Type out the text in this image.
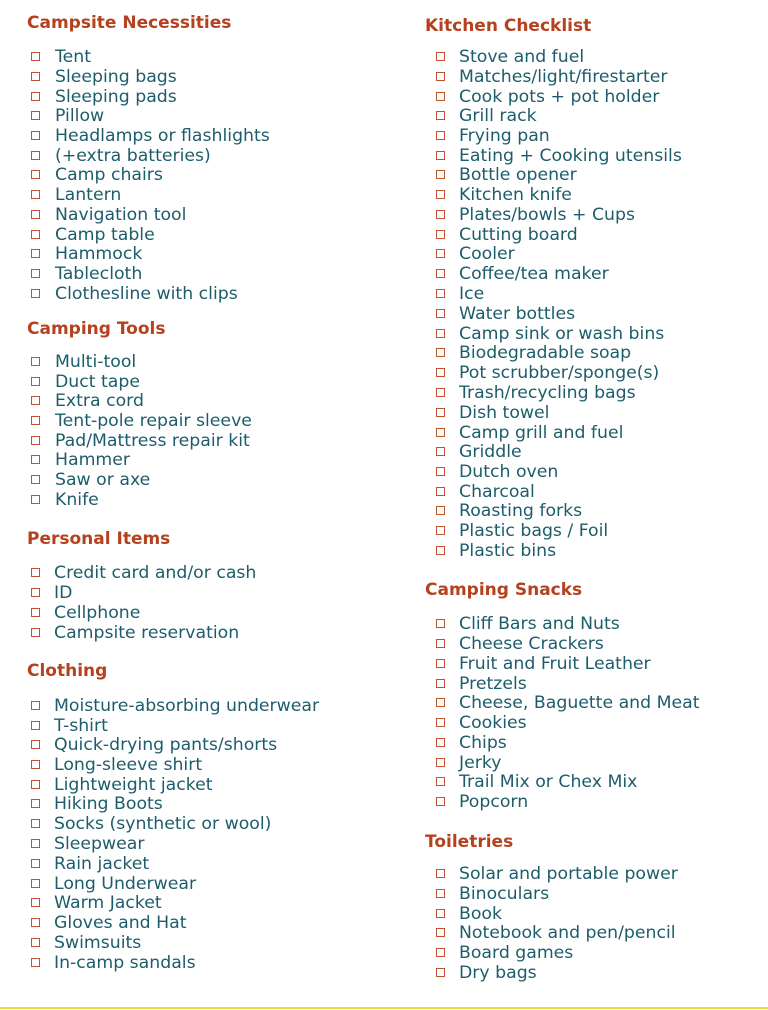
Campsite Necessities
Tent
Sleeping bags
Sleeping pads
Pillow
Headlamps or flashlights
(+extra batteries)
Camp chairs
Lantern
Navigation tool
Camp table
Hammock
Tablecloth
Clothesline with clips
Camping Tools
Multi-tool
Duct tape
Extra cord
Tent-pole repair sleeve
Pad/Mattress repair kit
Hammer
Saw or axe
Knife
Personal Items
Credit card and/or cash
ID
Cellphone
Campsite reservation
Clothing
Moisture-absorbing underwear
T-shirt
Quick-drying pants/shorts
Long-sleeve shirt
Lightweight jacket
Hiking Boots
Socks (synthetic or wool)
Sleepwear
Rain jacket
Long Underwear
Warm Jacket
Gloves and Hat
Swimsuits
In-camp sandals
Kitchen Checklist
Stove and fuel
Matches/light/firestarter
Cook pots + pot holder
Grill rack
Frying pan
Eating + Cooking utensils
Bottle opener
Kitchen knife
Plates/bowls + Cups
Cutting board
Cooler
Coffee/tea maker
Ice
Water bottles
Camp sink or wash bins
Biodegradable soap
Pot scrubber/sponge(s)
Trash/recycling bags
Dish towel
Camp grill and fuel
Griddle
Dutch oven
Charcoal
Roasting forks
Plastic bags / Foil
Plastic bins
Camping Snacks
Cliff Bars and Nuts
Cheese Crackers
Fruit and Fruit Leather
Pretzels
Cheese, Baguette and Meat
Cookies
Chips
Jerky
Trail Mix or Chex Mix
Popcorn
Toiletries
Solar and portable power
Binoculars
Book
Notebook and pen/pencil
Board games
Dry bags
